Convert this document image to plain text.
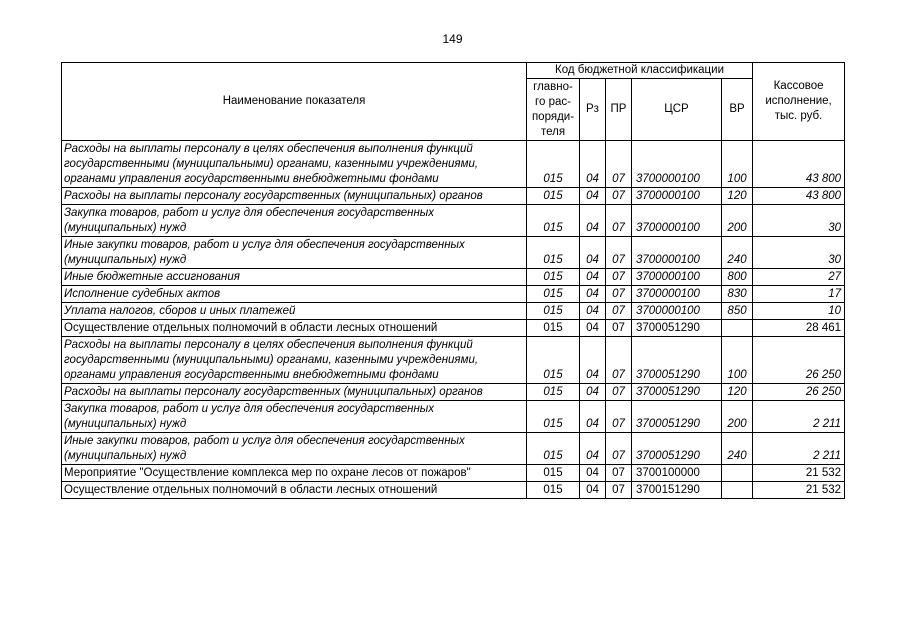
149
Наименование показателя	Код бюджетной классификации					Кассовое исполнение, тыс. руб.
	главно-го рас-поряди-теля	Рз	ПР	ЦСР	ВР	
Расходы на выплаты персоналу в целях обеспечения выполнения функций государственными (муниципальными) органами, казенными учреждениями, органами управления государственными внебюджетными фондами	015	04	07	3700000100	100	43 800
Расходы на выплаты персоналу государственных (муниципальных) органов	015	04	07	3700000100	120	43 800
Закупка товаров, работ и услуг для обеспечения государственных (муниципальных) нужд	015	04	07	3700000100	200	30
Иные закупки товаров, работ и услуг для обеспечения государственных (муниципальных) нужд	015	04	07	3700000100	240	30
Иные бюджетные ассигнования	015	04	07	3700000100	800	27
Исполнение судебных актов	015	04	07	3700000100	830	17
Уплата налогов, сборов и иных платежей	015	04	07	3700000100	850	10
Осуществление отдельных полномочий в области лесных отношений	015	04	07	3700051290		28 461
Расходы на выплаты персоналу в целях обеспечения выполнения функций государственными (муниципальными) органами, казенными учреждениями, органами управления государственными внебюджетными фондами	015	04	07	3700051290	100	26 250
Расходы на выплаты персоналу государственных (муниципальных) органов	015	04	07	3700051290	120	26 250
Закупка товаров, работ и услуг для обеспечения государственных (муниципальных) нужд	015	04	07	3700051290	200	2 211
Иные закупки товаров, работ и услуг для обеспечения государственных (муниципальных) нужд	015	04	07	3700051290	240	2 211
Мероприятие "Осуществление комплекса мер по охране лесов от пожаров"	015	04	07	3700100000		21 532
Осуществление отдельных полномочий в области лесных отношений	015	04	07	3700151290		21 532
